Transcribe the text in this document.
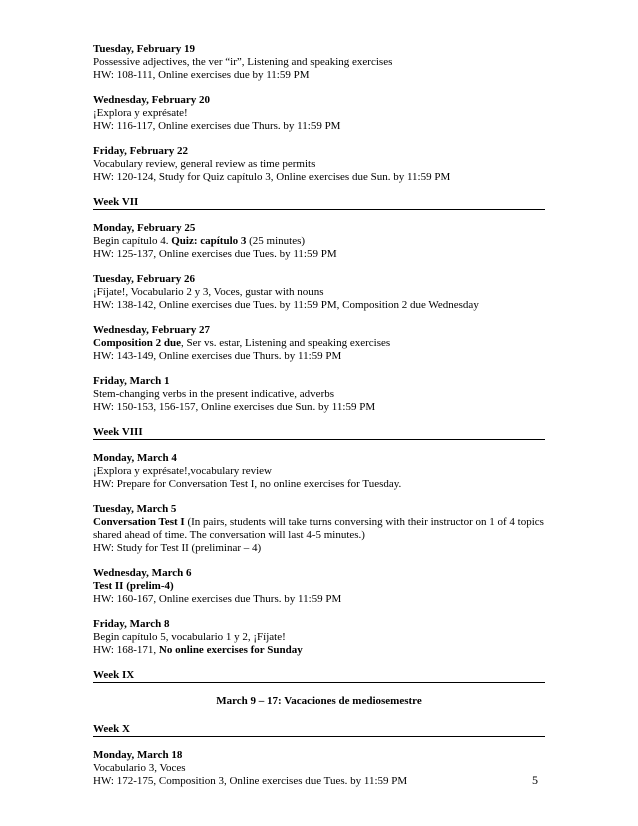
Tuesday, February 19
Possessive adjectives, the ver “ir”, Listening and speaking exercises
HW: 108-111, Online exercises due by 11:59 PM
Wednesday, February 20
¡Explora y exprésate!
HW: 116-117, Online exercises due Thurs. by 11:59 PM
Friday, February 22
Vocabulary review, general review as time permits
HW: 120-124, Study for Quiz capítulo 3, Online exercises due Sun. by 11:59 PM
Week VII
Monday, February 25
Begin capítulo 4. Quiz: capítulo 3 (25 minutes)
HW: 125-137, Online exercises due Tues. by 11:59 PM
Tuesday, February 26
¡Fíjate!, Vocabulario 2 y 3, Voces, gustar with nouns
HW: 138-142, Online exercises due Tues. by 11:59 PM, Composition 2 due Wednesday
Wednesday, February 27
Composition 2 due, Ser vs. estar, Listening and speaking exercises
HW: 143-149, Online exercises due Thurs. by 11:59 PM
Friday, March 1
Stem-changing verbs in the present indicative, adverbs
HW: 150-153, 156-157, Online exercises due Sun. by 11:59 PM
Week VIII
Monday, March 4
¡Explora y exprésate!,vocabulary review
HW: Prepare for Conversation Test I, no online exercises for Tuesday.
Tuesday, March 5
Conversation Test I (In pairs, students will take turns conversing with their instructor on 1 of 4 topics
shared ahead of time. The conversation will last 4-5 minutes.)
HW: Study for Test II (preliminar – 4)
Wednesday, March 6
Test II (prelim-4)
HW: 160-167, Online exercises due Thurs. by 11:59 PM
Friday, March 8
Begin capítulo 5, vocabulario 1 y 2, ¡Fíjate!
HW: 168-171, No online exercises for Sunday
Week IX
March 9 – 17: Vacaciones de mediosemestre
Week X
Monday, March 18
Vocabulario 3, Voces
HW: 172-175, Composition 3, Online exercises due Tues. by 11:59 PM	5
